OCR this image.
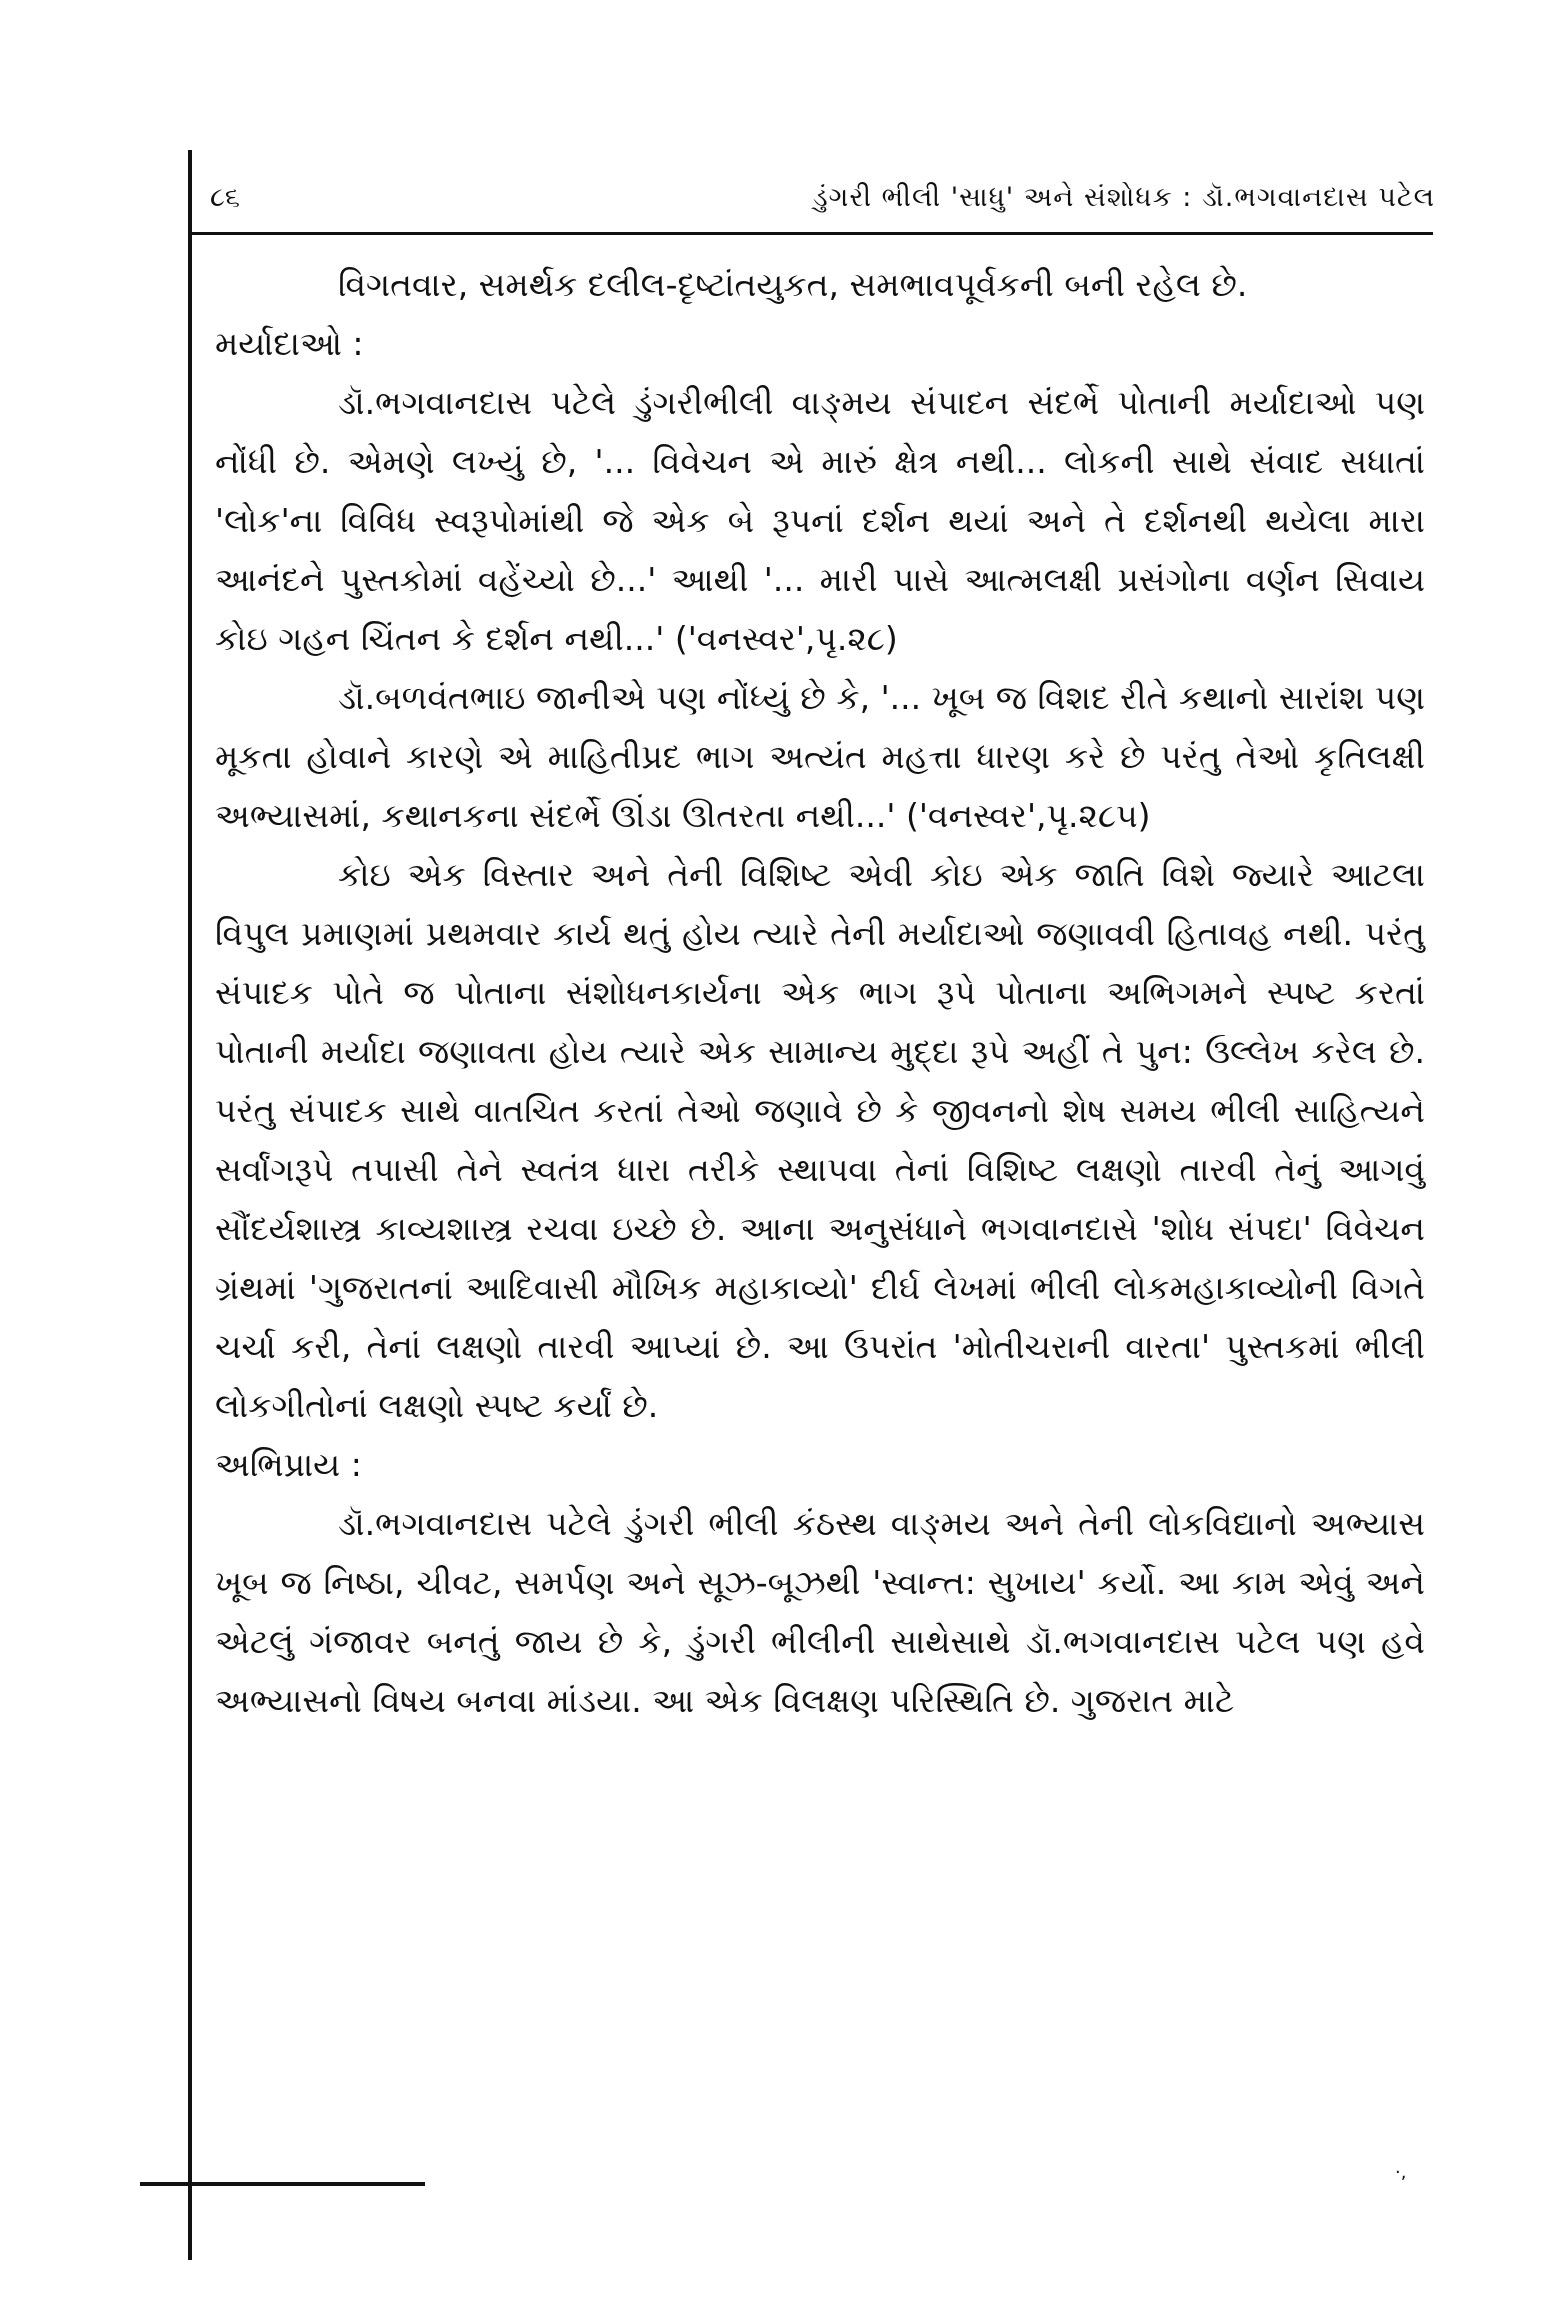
૮૬	ડુંગરી ભીલી 'સાધુ' અને સંશોધક : ડૉ.ભગવાનદાસ પટેલ

વિગતવાર, સમર્થક દલીલ-દૃષ્ટાંતયુકત, સમભાવપૂર્વકની બની રહેલ છે.

મર્યાદાઓ :

ડૉ.ભગવાનદાસ પટેલે ડુંગરીભીલી વાઙ્મય સંપાદન સંદર્ભે પોતાની મર્યાદાઓ પણ નોંધી છે. એમણે લખ્યું છે, '... વિવેચન એ મારું ક્ષેત્ર નથી... લોકની સાથે સંવાદ સધાતાં 'લોક'ના વિવિધ સ્વરૂપોમાંથી જે એક બે રૂપનાં દર્શન થયાં અને તે દર્શનથી થયેલા મારા આનંદને પુસ્તકોમાં વહેંચ્યો છે...' આથી '... મારી પાસે આત્મલક્ષી પ્રસંગોના વર્ણન સિવાય કોઇ ગહન ચિંતન કે દર્શન નથી...' ('વનસ્વર',પૃ.૨૮)

ડૉ.બળવંતભાઇ જાનીએ પણ નોંધ્યું છે કે, '... ખૂબ જ વિશદ રીતે કથાનો સારાંશ પણ મૂકતા હોવાને કારણે એ માહિતીપ્રદ ભાગ અત્યંત મહત્તા ધારણ કરે છે પરંતુ તેઓ કૃતિલક્ષી અભ્યાસમાં, કથાનકના સંદર્ભે ઊંડા ઊતરતા નથી...' ('વનસ્વર',પૃ.૨૮૫)

કોઇ એક વિસ્તાર અને તેની વિશિષ્ટ એવી કોઇ એક જાતિ વિશે જ્યારે આટલા વિપુલ પ્રમાણમાં પ્રથમવાર કાર્ય થતું હોય ત્યારે તેની મર્યાદાઓ જણાવવી હિતાવહ નથી. પરંતુ સંપાદક પોતે જ પોતાના સંશોધનકાર્યના એક ભાગ રૂપે પોતાના અભિગમને સ્પષ્ટ કરતાં પોતાની મર્યાદા જણાવતા હોય ત્યારે એક સામાન્ય મુદ્દા રૂપે અહીં તે પુન: ઉલ્લેખ કરેલ છે. પરંતુ સંપાદક સાથે વાતચિત કરતાં તેઓ જણાવે છે કે જીવનનો શેષ સમય ભીલી સાહિત્યને સર્વાંગરૂપે તપાસી તેને સ્વતંત્ર ધારા તરીકે સ્થાપવા તેનાં વિશિષ્ટ લક્ષણો તારવી તેનું આગવું સૌંદર્યશાસ્ત્ર કાવ્યશાસ્ત્ર રચવા ઇચ્છે છે. આના અનુસંધાને ભગવાનદાસે 'શોધ સંપદા' વિવેચન ગ્રંથમાં 'ગુજરાતનાં આદિવાસી મૌખિક મહાકાવ્યો' દીર્ઘ લેખમાં ભીલી લોકમહાકાવ્યોની વિગતે ચર્ચા કરી, તેનાં લક્ષણો તારવી આપ્યાં છે. આ ઉપરાંત 'મોતીચરાની વારતા' પુસ્તકમાં ભીલી લોકગીતોનાં લક્ષણો સ્પષ્ટ કર્યાં છે.

અભિપ્રાય :

ડૉ.ભગવાનદાસ પટેલે ડુંગરી ભીલી કંઠસ્થ વાઙ્મય અને તેની લોકવિદ્યાનો અભ્યાસ ખૂબ જ નિષ્ઠા, ચીવટ, સમર્પણ અને સૂઝ-બૂઝથી 'સ્વાન્ત: સુખાય' કર્યો. આ કામ એવું અને એટલું ગંજાવર બનતું જાય છે કે, ડુંગરી ભીલીની સાથેસાથે ડૉ.ભગવાનદાસ પટેલ પણ હવે અભ્યાસનો વિષય બનવા માંડયા. આ એક વિલક્ષણ પરિસ્થિતિ છે. ગુજરાત માટે

·,
